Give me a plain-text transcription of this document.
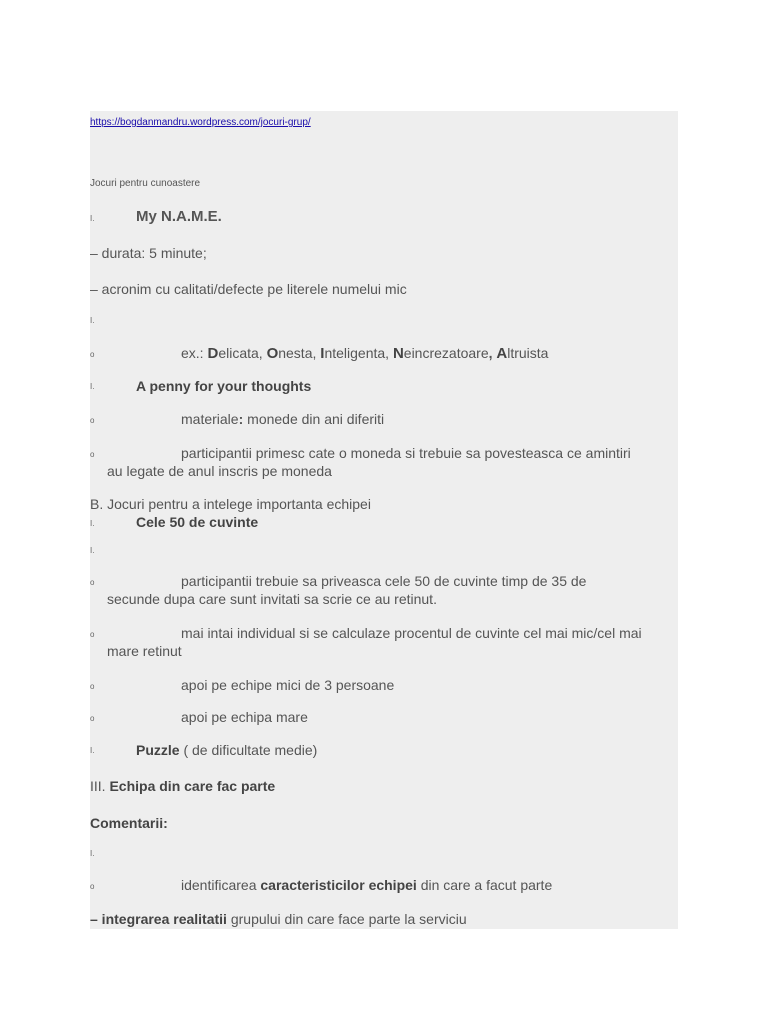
https://bogdanmandru.wordpress.com/jocuri-grup/
Jocuri pentru cunoastere
I.	My N.A.M.E.
– durata: 5 minute;
– acronim cu calitati/defecte pe literele numelui mic
I.
o	ex.: Delicata, Onesta, Inteligenta, Neincrezatoare, Altruista
I.	A penny for your thoughts
o	materiale: monede din ani diferiti
o	participantii primesc cate o moneda si trebuie sa povesteasca ce amintiri
au legate de anul inscris pe moneda
B. Jocuri pentru a intelege importanta echipei
I.	Cele 50 de cuvinte
I.
o	participantii trebuie sa priveasca cele 50 de cuvinte timp de 35 de
secunde dupa care sunt invitati sa scrie ce au retinut.
o	mai intai individual si se calculaze procentul de cuvinte cel mai mic/cel mai
mare retinut
o	apoi pe echipe mici de 3 persoane
o	apoi pe echipa mare
I.	Puzzle ( de dificultate medie)
III. Echipa din care fac parte
Comentarii:
I.
o	identificarea caracteristicilor echipei din care a facut parte
– integrarea realitatii grupului din care face parte la serviciu
